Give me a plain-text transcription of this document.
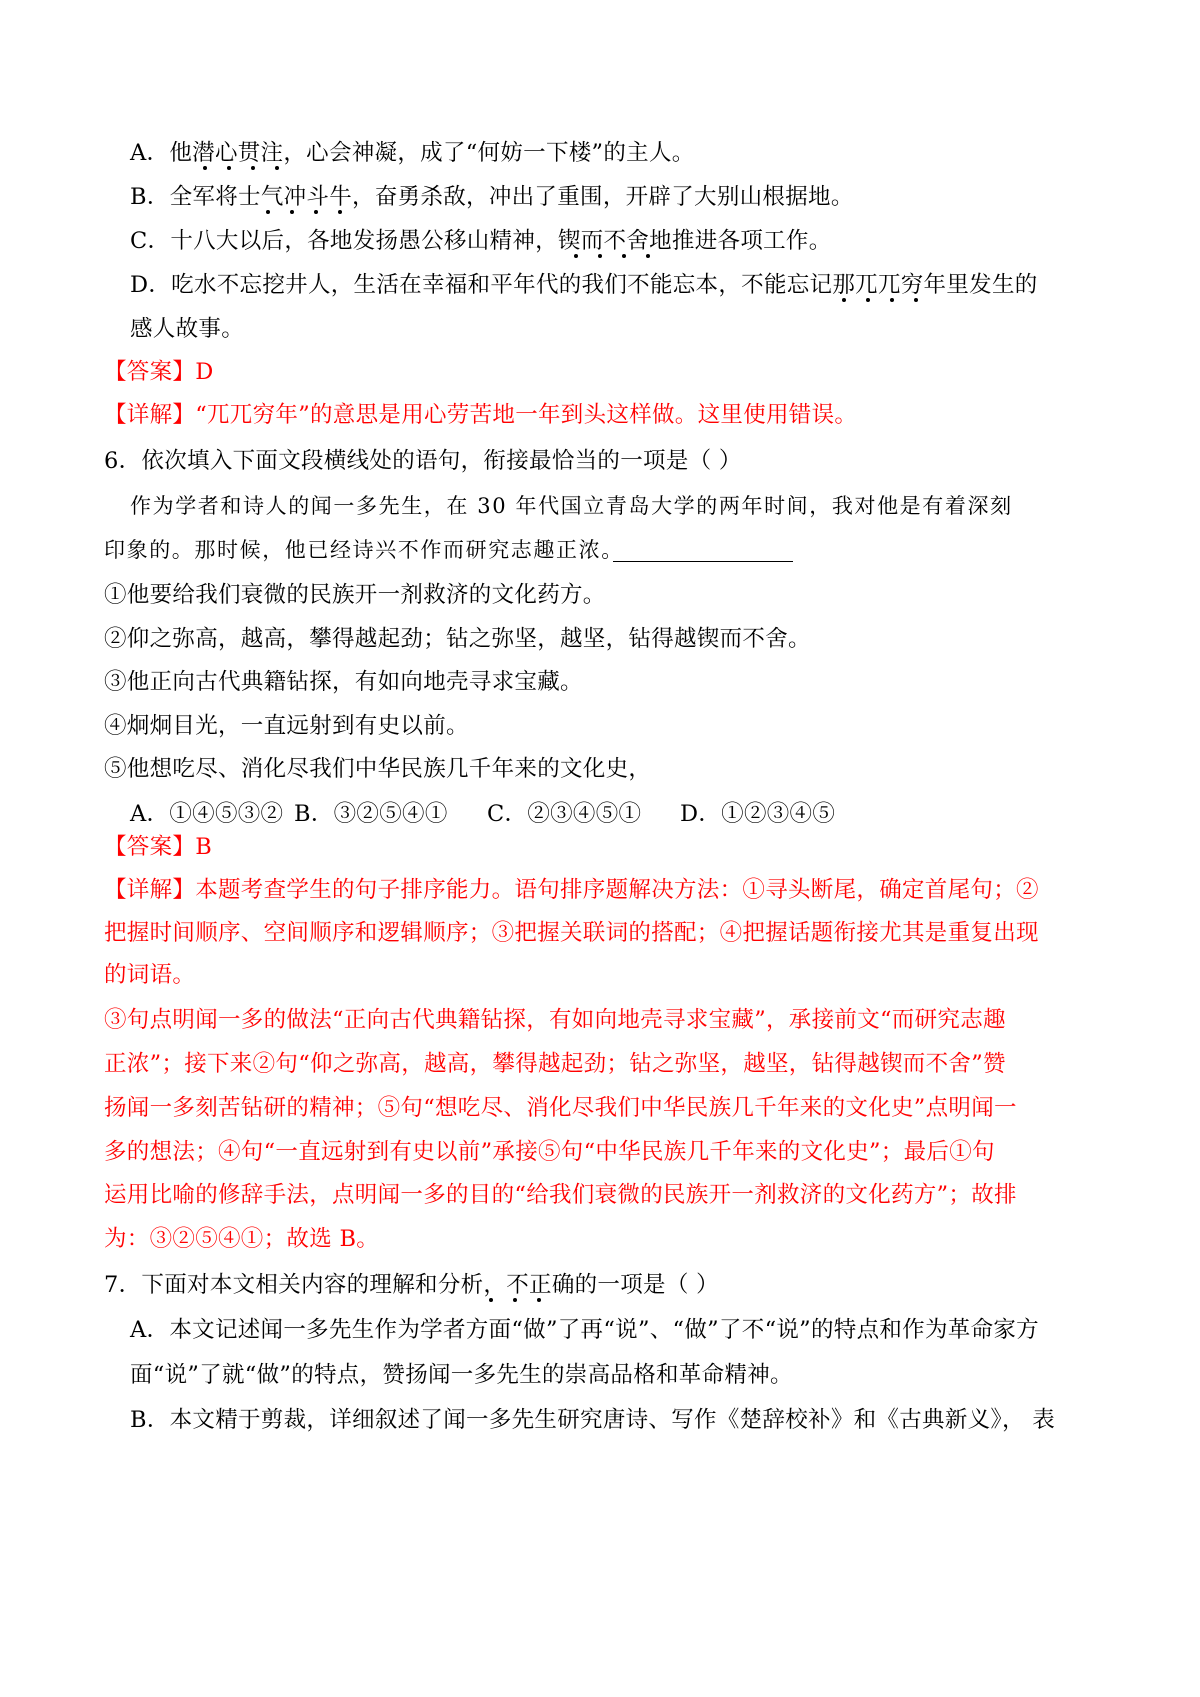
A．他潜心贯注，心会神凝，成了“何妨一下楼”的主人。
B．全军将士气冲斗牛，奋勇杀敌，冲出了重围，开辟了大别山根据地。
C．十八大以后，各地发扬愚公移山精神，锲而不舍地推进各项工作。
D．吃水不忘挖井人，生活在幸福和平年代的我们不能忘本，不能忘记那兀兀穷年里发生的
感人故事。
【答案】D
【详解】“兀兀穷年”的意思是用心劳苦地一年到头这样做。这里使用错误。
6．依次填入下面文段横线处的语句，衔接最恰当的一项是（ ）
作为学者和诗人的闻一多先生，在 30 年代国立青岛大学的两年时间，我对他是有着深刻
印象的。那时候，他已经诗兴不作而研究志趣正浓。
①他要给我们衰微的民族开一剂救济的文化药方。
②仰之弥高，越高，攀得越起劲；钻之弥坚，越坚，钻得越锲而不舍。
③他正向古代典籍钻探，有如向地壳寻求宝藏。
④炯炯目光，一直远射到有史以前。
⑤他想吃尽、消化尽我们中华民族几千年来的文化史，
A．①④⑤③② B．③②⑤④① C．②③④⑤① D．①②③④⑤
【答案】B
【详解】本题考查学生的句子排序能力。语句排序题解决方法：①寻头断尾，确定首尾句；②
把握时间顺序、空间顺序和逻辑顺序；③把握关联词的搭配；④把握话题衔接尤其是重复出现
的词语。
③句点明闻一多的做法“正向古代典籍钻探，有如向地壳寻求宝藏”，承接前文“而研究志趣
正浓”；接下来②句“仰之弥高，越高，攀得越起劲；钻之弥坚，越坚，钻得越锲而不舍”赞
扬闻一多刻苦钻研的精神；⑤句“想吃尽、消化尽我们中华民族几千年来的文化史”点明闻一
多的想法；④句“一直远射到有史以前”承接⑤句“中华民族几千年来的文化史”；最后①句
运用比喻的修辞手法，点明闻一多的目的“给我们衰微的民族开一剂救济的文化药方”；故排
为：③②⑤④①；故选 B。
7．下面对本文相关内容的理解和分析，不正确的一项是（ ）
A．本文记述闻一多先生作为学者方面“做”了再“说”、“做”了不“说”的特点和作为革命家方
面“说”了就“做”的特点，赞扬闻一多先生的崇高品格和革命精神。
B．本文精于剪裁，详细叙述了闻一多先生研究唐诗、写作《楚辞校补》和《古典新义》， 表
